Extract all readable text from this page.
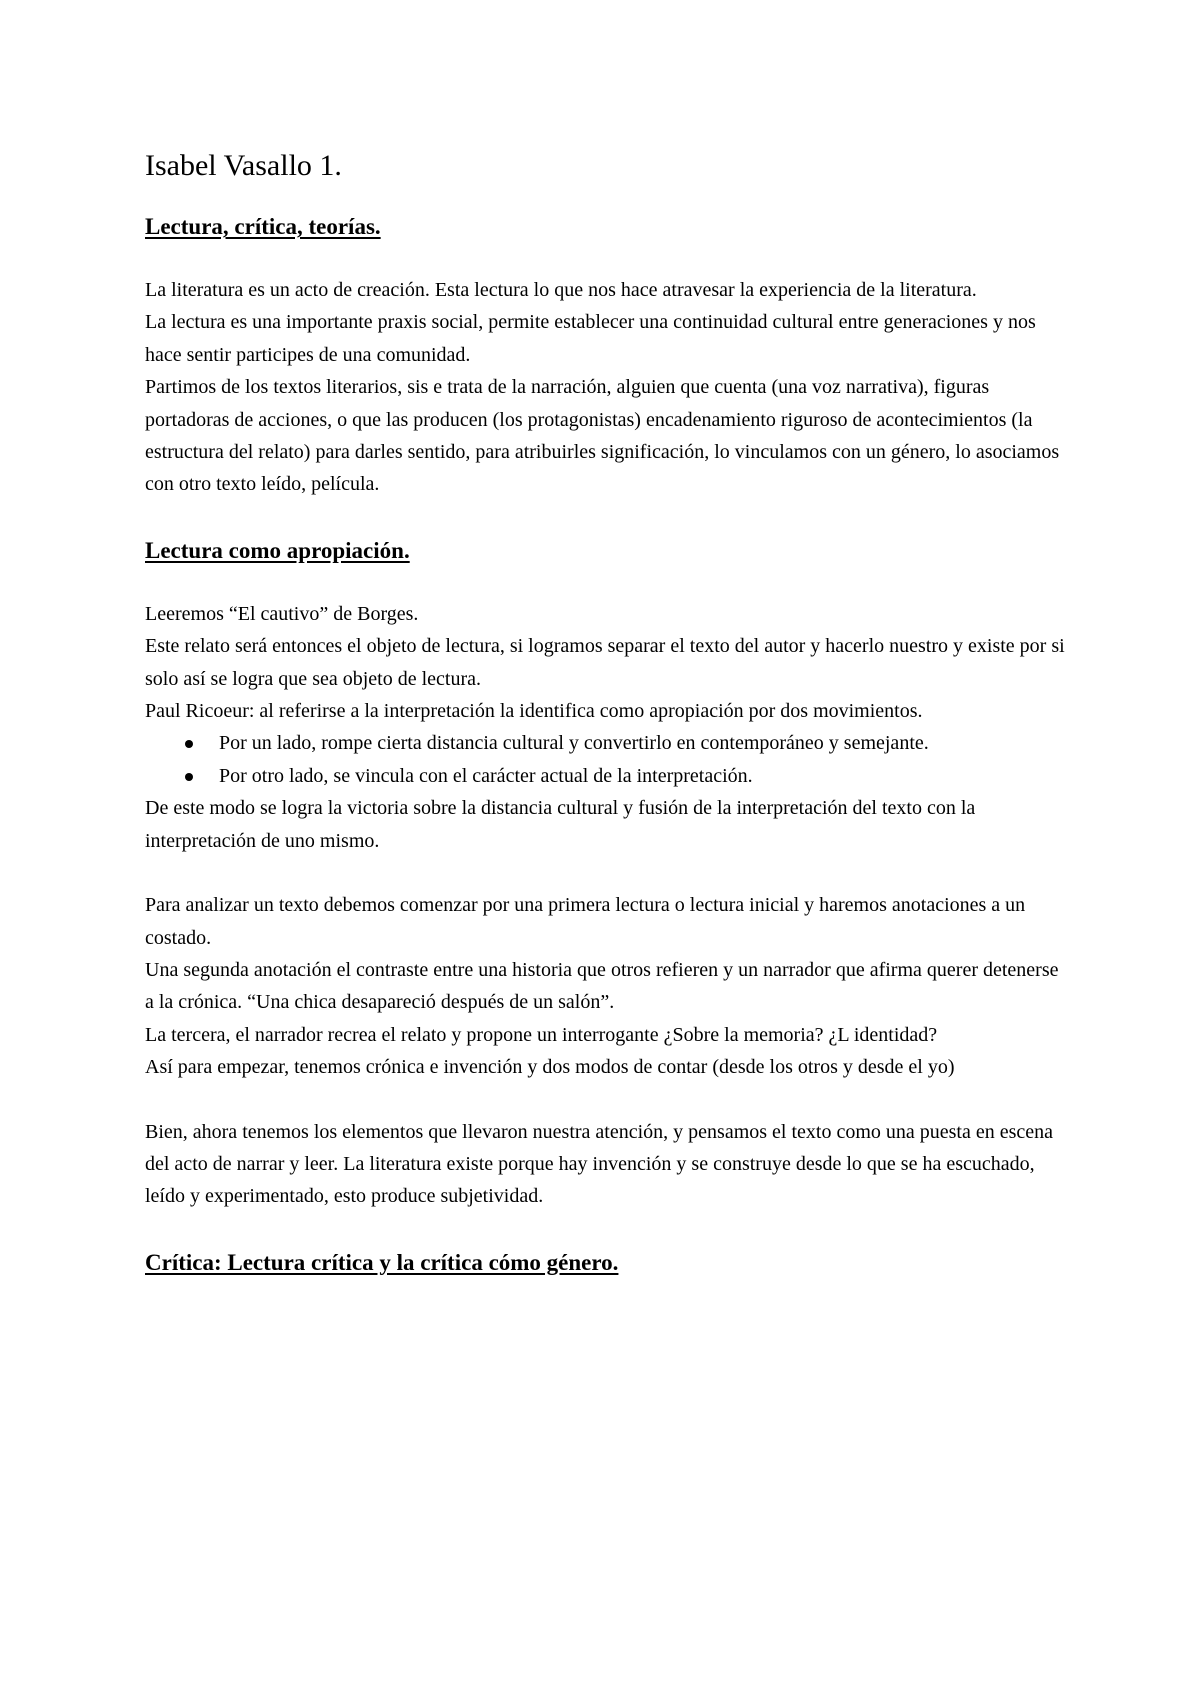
Isabel Vasallo 1.
Lectura, crítica, teorías.

La literatura es un acto de creación. Esta lectura lo que nos hace atravesar la experiencia de la literatura.

La lectura es una importante praxis social, permite establecer una continuidad cultural entre generaciones y nos hace sentir participes de una comunidad.

Partimos de los textos literarios, sis e trata de la narración, alguien que cuenta (una voz narrativa), figuras portadoras de acciones, o que las producen (los protagonistas) encadenamiento riguroso de acontecimientos (la estructura del relato) para darles sentido, para atribuirles significación, lo vinculamos con un género, lo asociamos con otro texto leído, película.

Lectura como apropiación.

Leeremos “El cautivo” de Borges.

Este relato será entonces el objeto de lectura, si logramos separar el texto del autor y hacerlo nuestro y existe por si solo así se logra que sea objeto de lectura.

Paul Ricoeur: al referirse a la interpretación la identifica como apropiación por dos movimientos.

Por un lado, rompe cierta distancia cultural y convertirlo en contemporáneo y semejante.
Por otro lado, se vincula con el carácter actual de la interpretación.

De este modo se logra la victoria sobre la distancia cultural y fusión de la interpretación del texto con la interpretación de uno mismo.

Para analizar un texto debemos comenzar por una primera lectura o lectura inicial y haremos anotaciones a un costado.

Una segunda anotación el contraste entre una historia que otros refieren y un narrador que afirma querer detenerse a la crónica. “Una chica desapareció después de un salón”.

La tercera, el narrador recrea el relato y propone un interrogante ¿Sobre la memoria? ¿L identidad?

Así para empezar, tenemos crónica e invención y dos modos de contar (desde los otros y desde el yo)

Bien, ahora tenemos los elementos que llevaron nuestra atención, y pensamos el texto como una puesta en escena del acto de narrar y leer. La literatura existe porque hay invención y se construye desde lo que se ha escuchado, leído y experimentado, esto produce subjetividad.

Crítica: Lectura crítica y la crítica cómo género.
